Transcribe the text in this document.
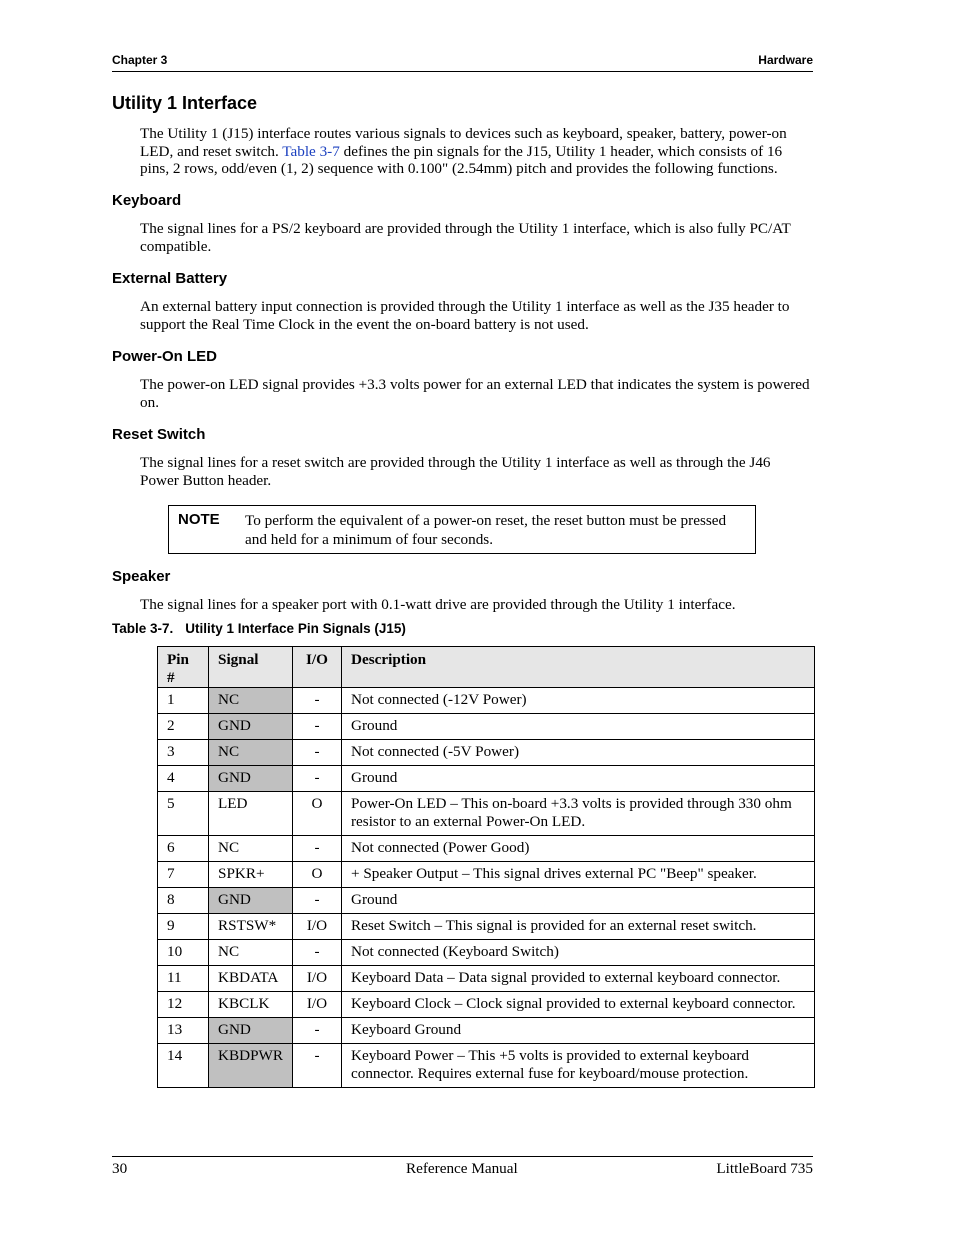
Chapter 3	Hardware
Utility 1 Interface

The Utility 1 (J15) interface routes various signals to devices such as keyboard, speaker, battery, power-on LED, and reset switch. Table 3-7 defines the pin signals for the J15, Utility 1 header, which consists of 16 pins, 2 rows, odd/even (1, 2) sequence with 0.100" (2.54mm) pitch and provides the following functions.

Keyboard

The signal lines for a PS/2 keyboard are provided through the Utility 1 interface, which is also fully PC/AT compatible.

External Battery

An external battery input connection is provided through the Utility 1 interface as well as the J35 header to support the Real Time Clock in the event the on-board battery is not used.

Power-On LED

The power-on LED signal provides +3.3 volts power for an external LED that indicates the system is powered on.

Reset Switch

The signal lines for a reset switch are provided through the Utility 1 interface as well as through the J46 Power Button header.

NOTE To perform the equivalent of a power-on reset, the reset button must be pressed and held for a minimum of four seconds.
Speaker

The signal lines for a speaker port with 0.1-watt drive are provided through the Utility 1 interface.

Table 3-7. Utility 1 Interface Pin Signals (J15)
Pin #	Signal	I/O	Description
1	NC	-	Not connected (-12V Power)
2	GND	-	Ground
3	NC	-	Not connected (-5V Power)
4	GND	-	Ground
5	LED	O	Power-On LED – This on-board +3.3 volts is provided through 330 ohm resistor to an external Power-On LED.
6	NC	-	Not connected (Power Good)
7	SPKR+	O	+ Speaker Output – This signal drives external PC "Beep" speaker.
8	GND	-	Ground
9	RSTSW*	I/O	Reset Switch – This signal is provided for an external reset switch.
10	NC	-	Not connected (Keyboard Switch)
11	KBDATA	I/O	Keyboard Data – Data signal provided to external keyboard connector.
12	KBCLK	I/O	Keyboard Clock – Clock signal provided to external keyboard connector.
13	GND	-	Keyboard Ground
14	KBDPWR	-	Keyboard Power – This +5 volts is provided to external keyboard connector. Requires external fuse for keyboard/mouse protection.
30	Reference Manual	LittleBoard 735
